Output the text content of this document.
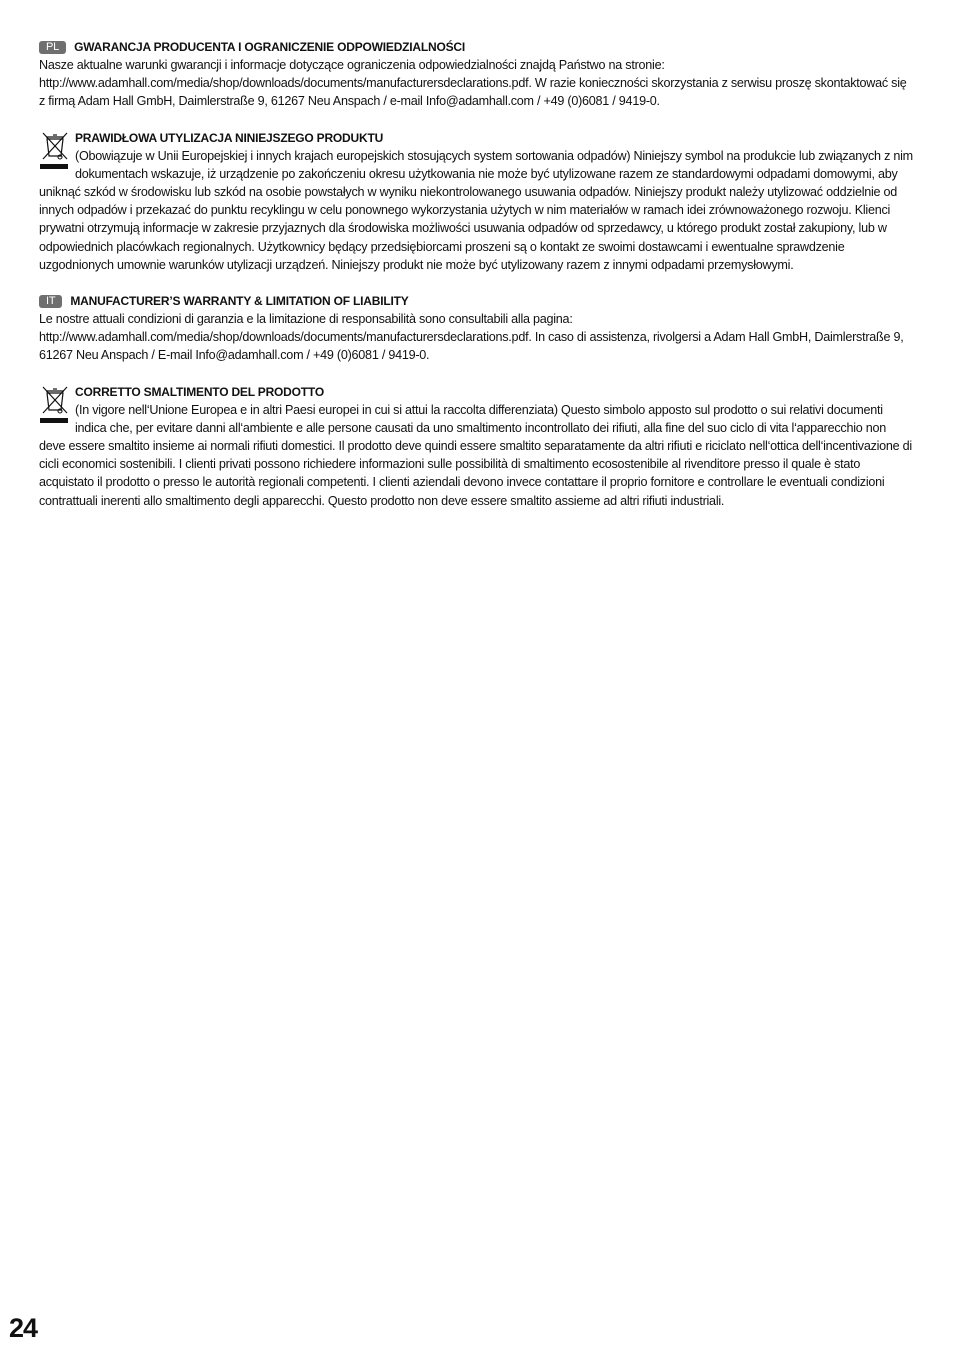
PL	GWARANCJA PRODUCENTA I OGRANICZENIE ODPOWIEDZIALNOŚCI

Nasze aktualne warunki gwarancji i informacje dotyczące ograniczenia odpowiedzialności znajdą Państwo na stronie: http://www.adamhall.com/media/shop/downloads/documents/manufacturersdeclarations.pdf. W razie konieczności skorzystania z serwisu proszę skontaktować się z firmą Adam Hall GmbH, Daimlerstraße 9, 61267 Neu Anspach / e-mail Info@adamhall.com / +49 (0)6081 / 9419-0.

PRAWIDŁOWA UTYLIZACJA NINIEJSZEGO PRODUKTU

(Obowiązuje w Unii Europejskiej i innych krajach europejskich stosujących system sortowania odpadów) Niniejszy symbol na produkcie lub związanych z nim dokumentach wskazuje, iż urządzenie po zakończeniu okresu użytkowania nie może być utylizowane razem ze standardowymi odpadami domowymi, aby uniknąć szkód w środowisku lub szkód na osobie powstałych w wyniku niekontrolowanego usuwania odpadów. Niniejszy produkt należy utylizować oddzielnie od innych odpadów i przekazać do punktu recyklingu w celu ponownego wykorzystania użytych w nim materiałów w ramach idei zrównoważonego rozwoju. Klienci prywatni otrzymują informacje w zakresie przyjaznych dla środowiska możliwości usuwania odpadów od sprzedawcy, u którego produkt został zakupiony, lub w odpowiednich placówkach regionalnych. Użytkownicy będący przedsiębiorcami proszeni są o kontakt ze swoimi dostawcami i ewentualne sprawdzenie uzgodnionych umownie warunków utylizacji urządzeń. Niniejszy produkt nie może być utylizowany razem z innymi odpadami przemysłowymi.

IT	MANUFACTURER’S WARRANTY & LIMITATION OF LIABILITY

Le nostre attuali condizioni di garanzia e la limitazione di responsabilità sono consultabili alla pagina: http://www.adamhall.com/media/shop/downloads/documents/manufacturersdeclarations.pdf. In caso di assistenza, rivolgersi a Adam Hall GmbH, Daimlerstraße 9, 61267 Neu Anspach / E-mail Info@adamhall.com / +49 (0)6081 / 9419-0.

CORRETTO SMALTIMENTO DEL PRODOTTO

(In vigore nell‘Unione Europea e in altri Paesi europei in cui si attui la raccolta differenziata) Questo simbolo apposto sul prodotto o sui relativi documenti indica che, per evitare danni all‘ambiente e alle persone causati da uno smaltimento incontrollato dei rifiuti, alla fine del suo ciclo di vita l‘apparecchio non deve essere smaltito insieme ai normali rifiuti domestici. Il prodotto deve quindi essere smaltito separatamente da altri rifiuti e riciclato nell‘ottica dell‘incentivazione di cicli economici sostenibili. I clienti privati possono richiedere informazioni sulle possibilità di smaltimento ecosostenibile al rivenditore presso il quale è stato acquistato il prodotto o presso le autorità regionali competenti. I clienti aziendali devono invece contattare il proprio fornitore e controllare le eventuali condizioni contrattuali inerenti allo smaltimento degli apparecchi. Questo prodotto non deve essere smaltito assieme ad altri rifiuti industriali.

24
